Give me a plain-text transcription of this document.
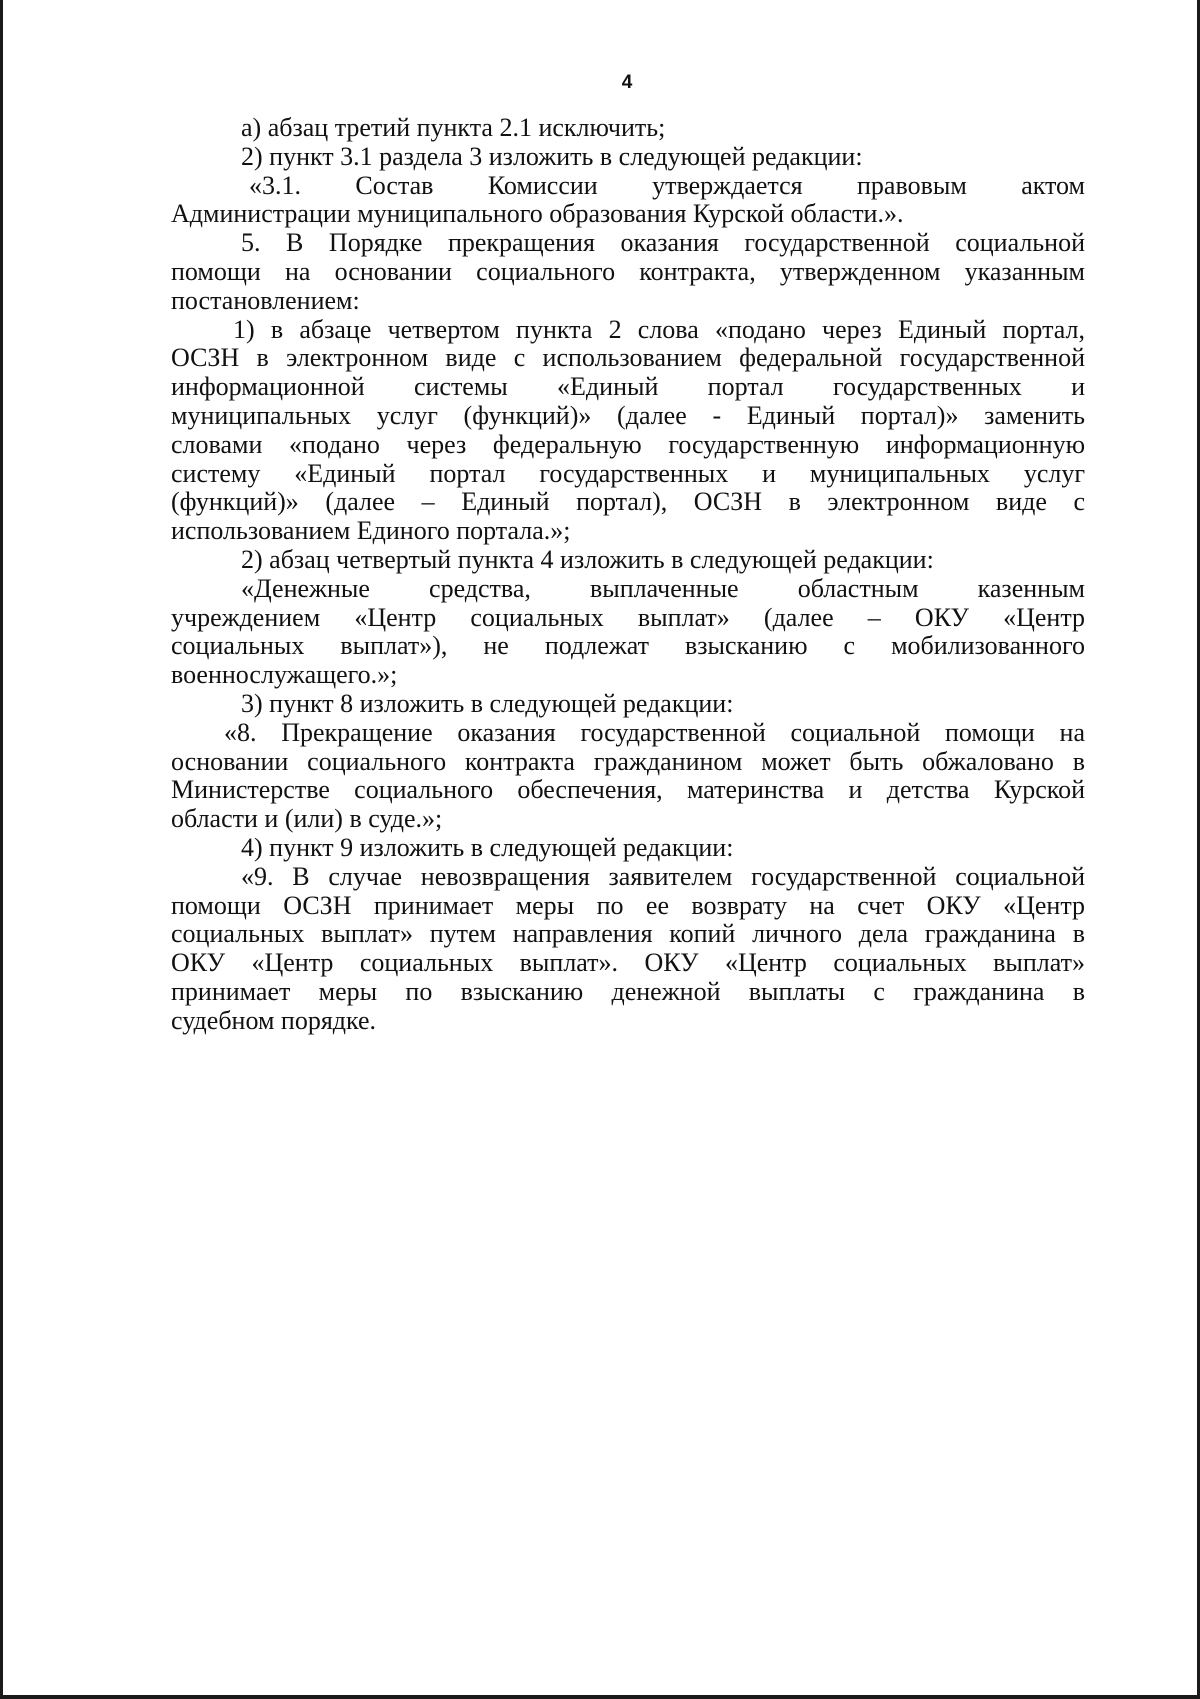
4
а) абзац третий пункта 2.1 исключить;
2) пункт 3.1 раздела 3 изложить в следующей редакции:
«3.1. Состав Комиссии утверждается правовым актом
Администрации муниципального образования Курской области.».
5. В Порядке прекращения оказания государственной социальной
помощи на основании социального контракта, утвержденном указанным
постановлением:
1) в абзаце четвертом пункта 2 слова «подано через Единый портал,
ОСЗН в электронном виде с использованием федеральной государственной
информационной системы «Единый портал государственных и
муниципальных услуг (функций)» (далее - Единый портал)» заменить
словами «подано через федеральную государственную информационную
систему «Единый портал государственных и муниципальных услуг
(функций)» (далее – Единый портал), ОСЗН в электронном виде с
использованием Единого портала.»;
2) абзац четвертый пункта 4 изложить в следующей редакции:
«Денежные средства, выплаченные областным казенным
учреждением «Центр социальных выплат» (далее – ОКУ «Центр
социальных выплат»), не подлежат взысканию с мобилизованного
военнослужащего.»;
3) пункт 8 изложить в следующей редакции:
«8. Прекращение оказания государственной социальной помощи на
основании социального контракта гражданином может быть обжаловано в
Министерстве социального обеспечения, материнства и детства Курской
области и (или) в суде.»;
4) пункт 9 изложить в следующей редакции:
«9. В случае невозвращения заявителем государственной социальной
помощи ОСЗН принимает меры по ее возврату на счет ОКУ «Центр
социальных выплат» путем направления копий личного дела гражданина в
ОКУ «Центр социальных выплат». ОКУ «Центр социальных выплат»
принимает меры по взысканию денежной выплаты с гражданина в
судебном порядке.
